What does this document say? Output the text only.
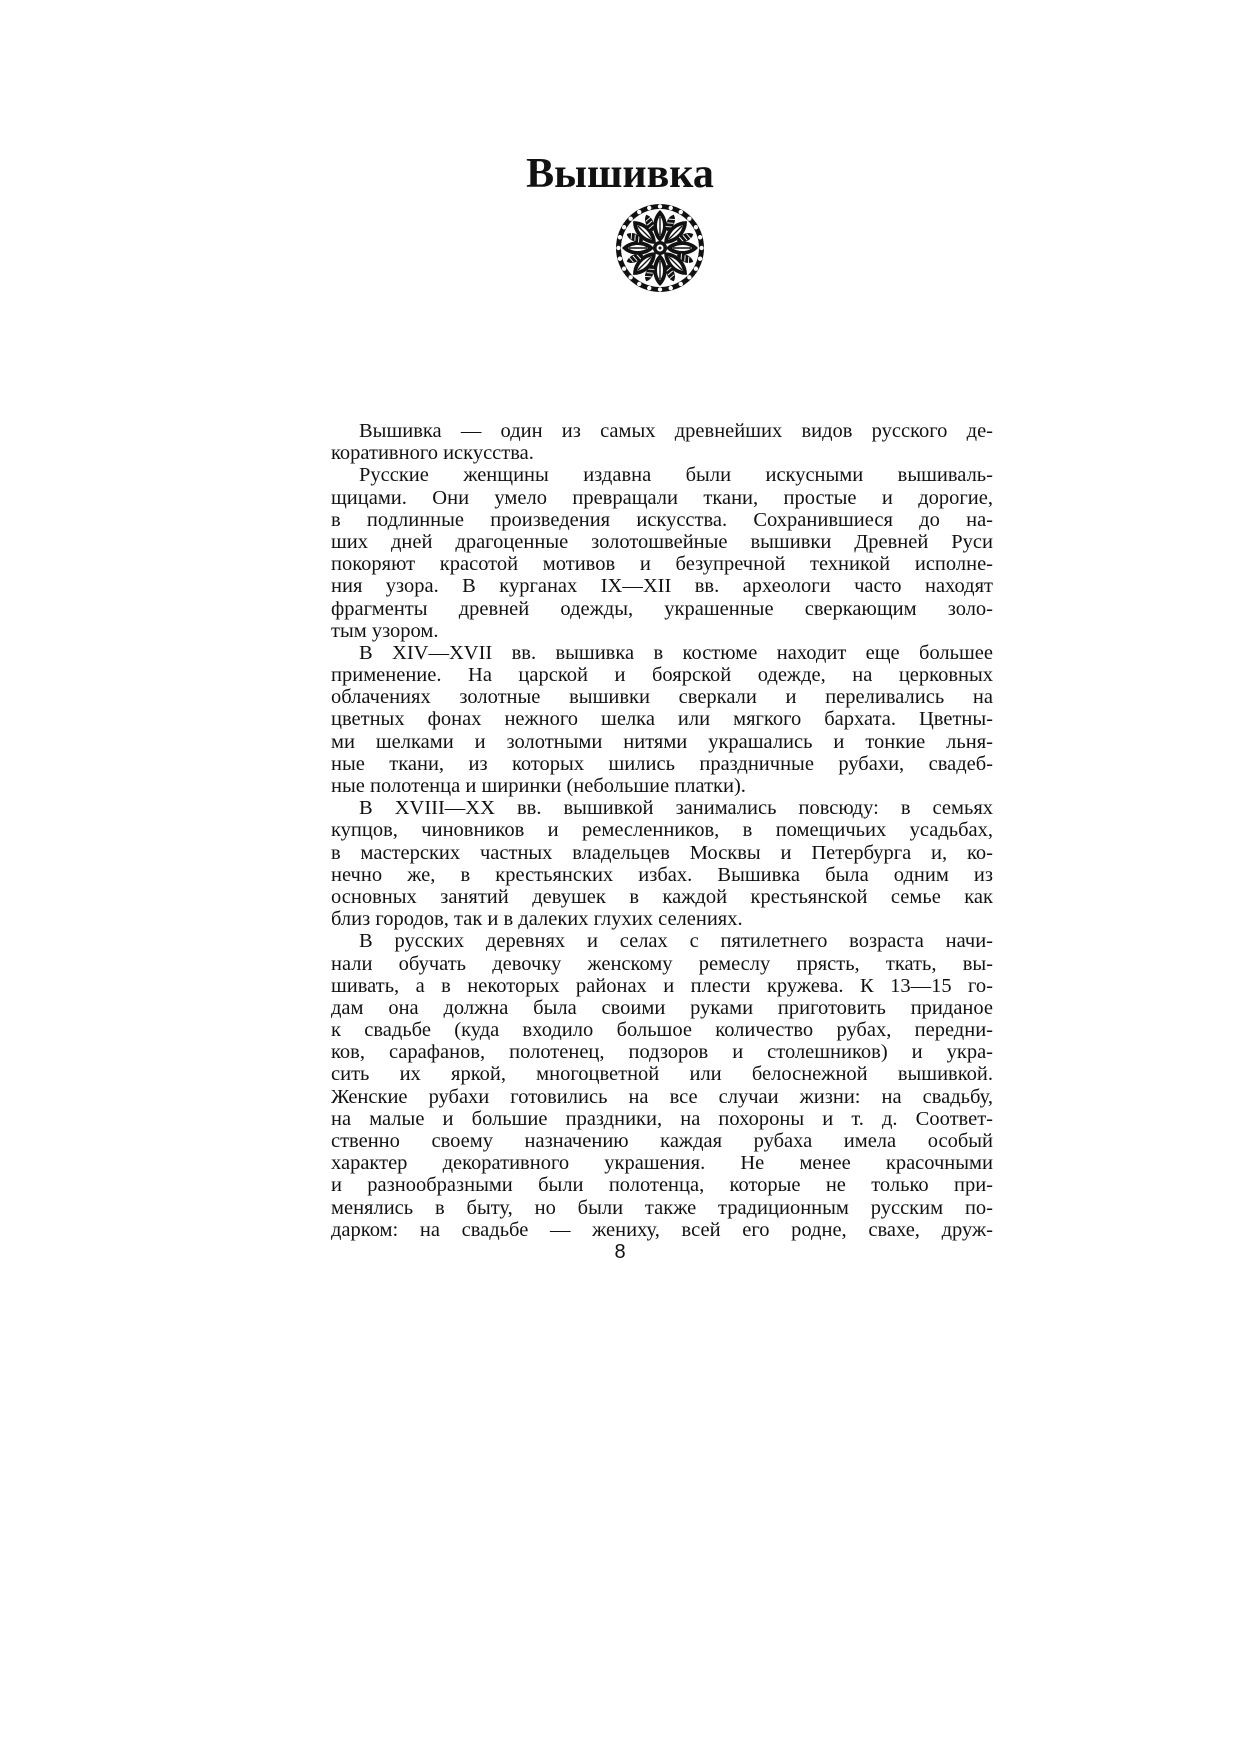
Вышивка
Вышивка — один из самых древнейших видов русского де-
коративного искусства.
Русские женщины издавна были искусными вышиваль-
щицами. Они умело превращали ткани, простые и дорогие,
в подлинные произведения искусства. Сохранившиеся до на-
ших дней драгоценные золотошвейные вышивки Древней Руси
покоряют красотой мотивов и безупречной техникой исполне-
ния узора. В курганах IX—XII вв. археологи часто находят
фрагменты древней одежды, украшенные сверкающим золо-
тым узором.
В XIV—XVII вв. вышивка в костюме находит еще большее
применение. На царской и боярской одежде, на церковных
облачениях золотные вышивки сверкали и переливались на
цветных фонах нежного шелка или мягкого бархата. Цветны-
ми шелками и золотными нитями украшались и тонкие льня-
ные ткани, из которых шились праздничные рубахи, свадеб-
ные полотенца и ширинки (небольшие платки).
В XVIII—XX вв. вышивкой занимались повсюду: в семьях
купцов, чиновников и ремесленников, в помещичьих усадьбах,
в мастерских частных владельцев Москвы и Петербурга и, ко-
нечно же, в крестьянских избах. Вышивка была одним из
основных занятий девушек в каждой крестьянской семье как
близ городов, так и в далеких глухих селениях.
В русских деревнях и селах с пятилетнего возраста начи-
нали обучать девочку женскому ремеслу прясть, ткать, вы-
шивать, а в некоторых районах и плести кружева. К 13—15 го-
дам она должна была своими руками приготовить приданое
к свадьбе (куда входило большое количество рубах, передни-
ков, сарафанов, полотенец, подзоров и столешников) и укра-
сить их яркой, многоцветной или белоснежной вышивкой.
Женские рубахи готовились на все случаи жизни: на свадьбу,
на малые и большие праздники, на похороны и т. д. Соответ-
ственно своему назначению каждая рубаха имела особый
характер декоративного украшения. Не менее красочными
и разнообразными были полотенца, которые не только при-
менялись в быту, но были также традиционным русским по-
дарком: на свадьбе — жениху, всей его родне, свахе, друж-
8
